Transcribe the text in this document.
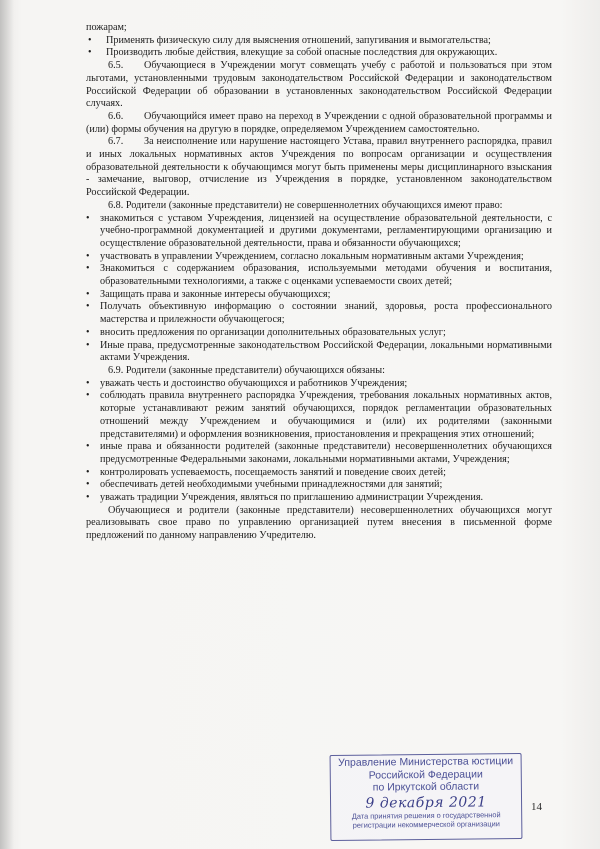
пожарам;

• Применять физическую силу для выяснения отношений, запугивания и вымогательства;

• Производить любые действия, влекущие за собой опасные последствия для окружающих.

6.5. Обучающиеся в Учреждении могут совмещать учебу с работой и пользоваться при этом льготами, установленными трудовым законодательством Российской Федерации и законодательством Российской Федерации об образовании в установленных законодательством Российской Федерации случаях.

6.6. Обучающийся имеет право на переход в Учреждении с одной образовательной программы и (или) формы обучения на другую в порядке, определяемом Учреждением самостоятельно.

6.7. За неисполнение или нарушение настоящего Устава, правил внутреннего распорядка, правил и иных локальных нормативных актов Учреждения по вопросам организации и осуществления образовательной деятельности к обучающимся могут быть применены меры дисциплинарного взыскания - замечание, выговор, отчисление из Учреждения в порядке, установленном законодательством Российской Федерации.

6.8. Родители (законные представители) не совершеннолетних обучающихся имеют право:

• знакомиться с уставом Учреждения, лицензией на осуществление образовательной деятельности, с учебно-программной документацией и другими документами, регламентирующими организацию и осуществление образовательной деятельности, права и обязанности обучающихся;

• участвовать в управлении Учреждением, согласно локальным нормативным актами Учреждения;

• Знакомиться с содержанием образования, используемыми методами обучения и воспитания, образовательными технологиями, а также с оценками успеваемости своих детей;

• Защищать права и законные интересы обучающихся;

• Получать объективную информацию о состоянии знаний, здоровья, роста профессионального мастерства и прилежности обучающегося;

• вносить предложения по организации дополнительных образовательных услуг;

• Иные права, предусмотренные законодательством Российской Федерации, локальными нормативными актами Учреждения.

6.9. Родители (законные представители) обучающихся обязаны:

• уважать честь и достоинство обучающихся и работников Учреждения;

• соблюдать правила внутреннего распорядка Учреждения, требования локальных нормативных актов, которые устанавливают режим занятий обучающихся, порядок регламентации образовательных отношений между Учреждением и обучающимися и (или) их родителями (законными представителями) и оформления возникновения, приостановления и прекращения этих отношений;

• иные права и обязанности родителей (законные представители) несовершеннолетних обучающихся предусмотренные Федеральными законами, локальными нормативными актами, Учреждения;

• контролировать успеваемость, посещаемость занятий и поведение своих детей;

• обеспечивать детей необходимыми учебными принадлежностями для занятий;

• уважать традиции Учреждения, являться по приглашению администрации Учреждения.

Обучающиеся и родители (законные представители) несовершеннолетних обучающихся могут реализовывать свое право по управлению организацией путем внесения в письменной форме предложений по данному направлению Учредителю.

Управление Министерства юстиции
Российской Федерации
по Иркутской области
9 декабря 2021
Дата принятия решения о государственной
регистрации некоммерческой организации
14
